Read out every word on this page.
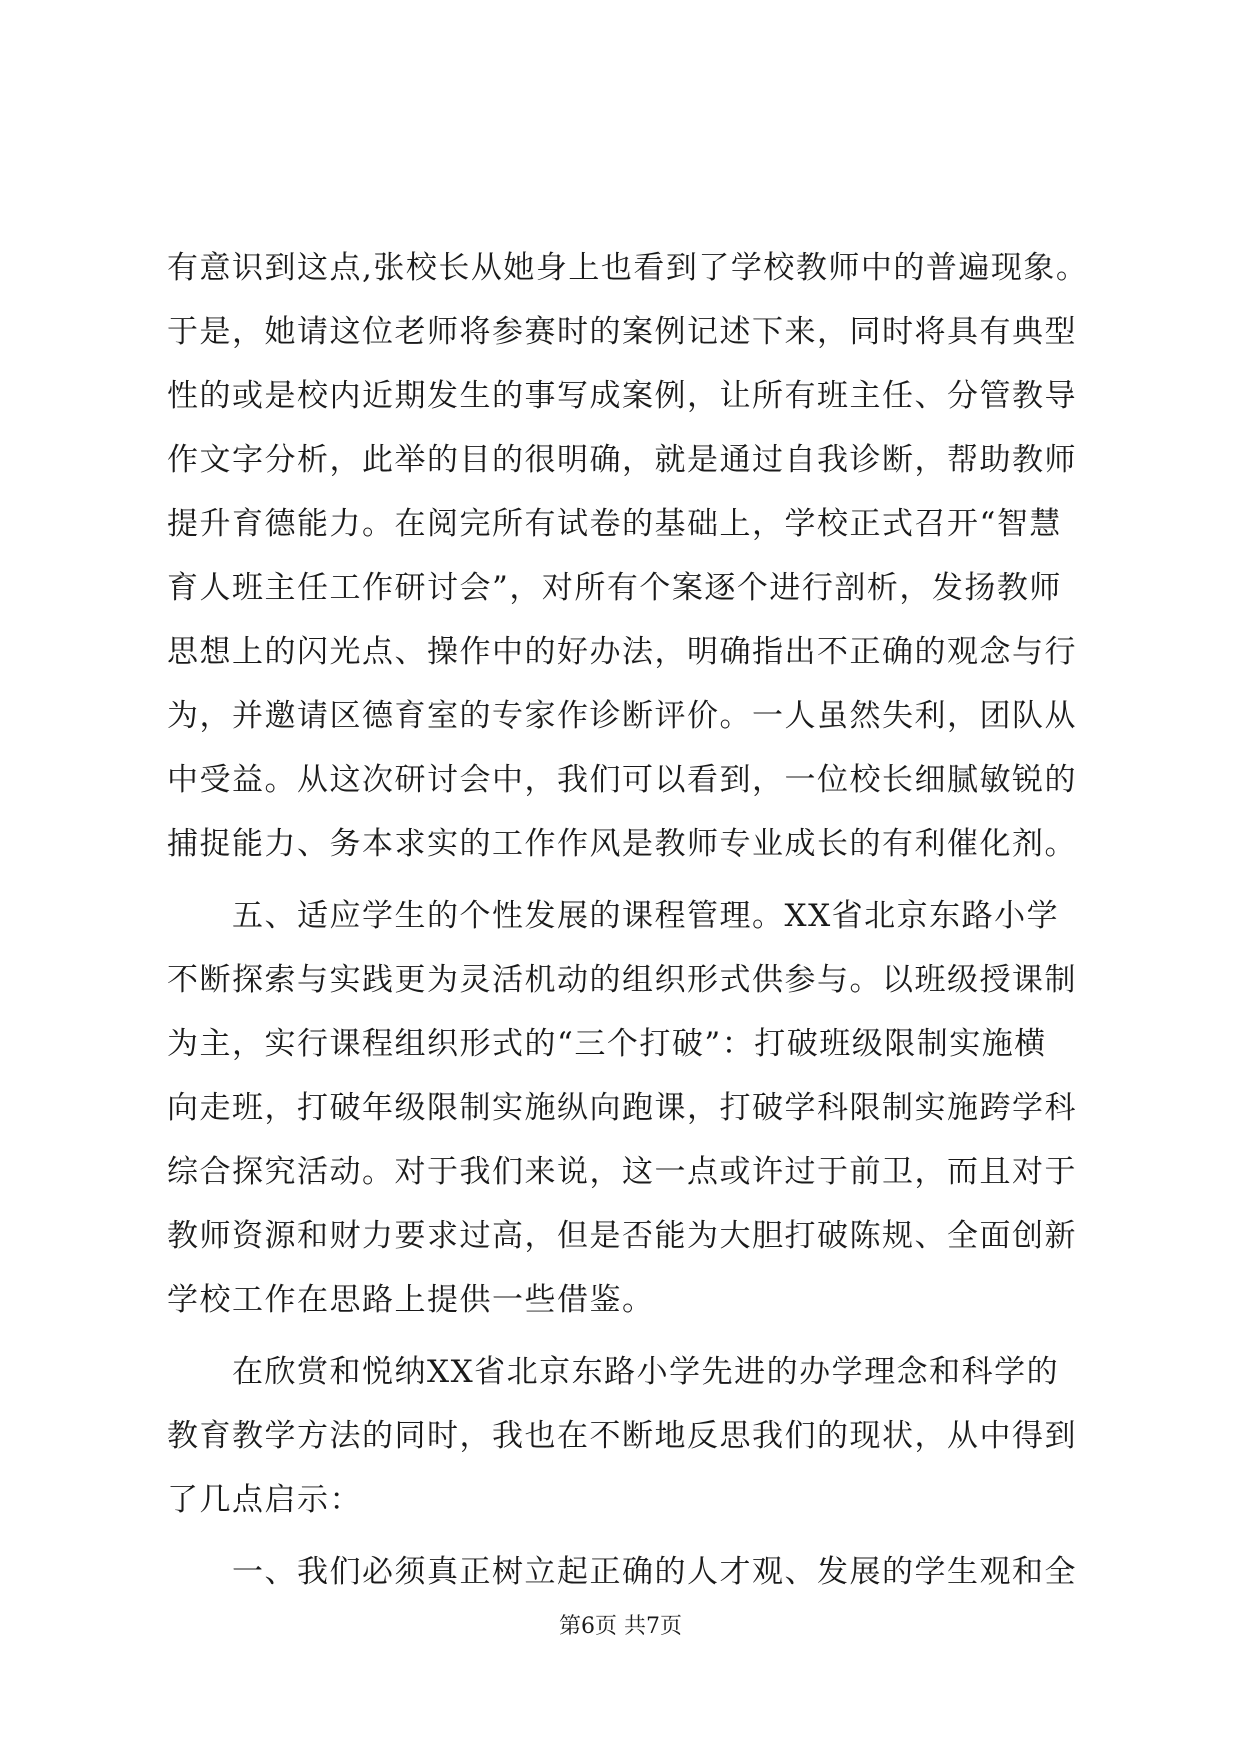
有意识到这点,张校长从她身上也看到了学校教师中的普遍现象。
于是，她请这位老师将参赛时的案例记述下来，同时将具有典型
性的或是校内近期发生的事写成案例，让所有班主任、分管教导
作文字分析，此举的目的很明确，就是通过自我诊断，帮助教师
提升育德能力。在阅完所有试卷的基础上，学校正式召开“智慧
育人班主任工作研讨会”，对所有个案逐个进行剖析，发扬教师
思想上的闪光点、操作中的好办法，明确指出不正确的观念与行
为，并邀请区德育室的专家作诊断评价。一人虽然失利，团队从
中受益。从这次研讨会中，我们可以看到，一位校长细腻敏锐的
捕捉能力、务本求实的工作作风是教师专业成长的有利催化剂。
　　五、适应学生的个性发展的课程管理。XX省北京东路小学
不断探索与实践更为灵活机动的组织形式供参与。以班级授课制
为主，实行课程组织形式的“三个打破”：打破班级限制实施横
向走班，打破年级限制实施纵向跑课，打破学科限制实施跨学科
综合探究活动。对于我们来说，这一点或许过于前卫，而且对于
教师资源和财力要求过高，但是否能为大胆打破陈规、全面创新
学校工作在思路上提供一些借鉴。
　　在欣赏和悦纳XX省北京东路小学先进的办学理念和科学的
教育教学方法的同时，我也在不断地反思我们的现状，从中得到
了几点启示：
　　一、我们必须真正树立起正确的人才观、发展的学生观和全
第6页 共7页
